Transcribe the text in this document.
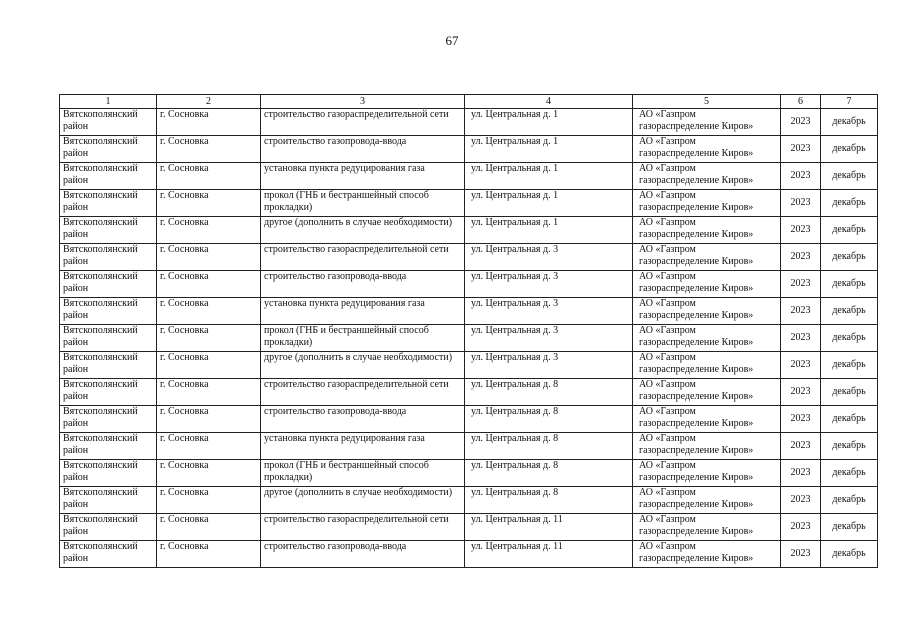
67
1	2	3	4	5	6	7
Вятскополянский район	г. Сосновка	строительство газораспределительной сети	ул. Центральная д. 1	АО «Газпром газораспределение Киров»	2023	декабрь
Вятскополянский район	г. Сосновка	строительство газопровода-ввода	ул. Центральная д. 1	АО «Газпром газораспределение Киров»	2023	декабрь
Вятскополянский район	г. Сосновка	установка пункта редуцирования газа	ул. Центральная д. 1	АО «Газпром газораспределение Киров»	2023	декабрь
Вятскополянский район	г. Сосновка	прокол (ГНБ и бестраншейный способ прокладки)	ул. Центральная д. 1	АО «Газпром газораспределение Киров»	2023	декабрь
Вятскополянский район	г. Сосновка	другое (дополнить в случае необходимости)	ул. Центральная д. 1	АО «Газпром газораспределение Киров»	2023	декабрь
Вятскополянский район	г. Сосновка	строительство газораспределительной сети	ул. Центральная д. 3	АО «Газпром газораспределение Киров»	2023	декабрь
Вятскополянский район	г. Сосновка	строительство газопровода-ввода	ул. Центральная д. 3	АО «Газпром газораспределение Киров»	2023	декабрь
Вятскополянский район	г. Сосновка	установка пункта редуцирования газа	ул. Центральная д. 3	АО «Газпром газораспределение Киров»	2023	декабрь
Вятскополянский район	г. Сосновка	прокол (ГНБ и бестраншейный способ прокладки)	ул. Центральная д. 3	АО «Газпром газораспределение Киров»	2023	декабрь
Вятскополянский район	г. Сосновка	другое (дополнить в случае необходимости)	ул. Центральная д. 3	АО «Газпром газораспределение Киров»	2023	декабрь
Вятскополянский район	г. Сосновка	строительство газораспределительной сети	ул. Центральная д. 8	АО «Газпром газораспределение Киров»	2023	декабрь
Вятскополянский район	г. Сосновка	строительство газопровода-ввода	ул. Центральная д. 8	АО «Газпром газораспределение Киров»	2023	декабрь
Вятскополянский район	г. Сосновка	установка пункта редуцирования газа	ул. Центральная д. 8	АО «Газпром газораспределение Киров»	2023	декабрь
Вятскополянский район	г. Сосновка	прокол (ГНБ и бестраншейный способ прокладки)	ул. Центральная д. 8	АО «Газпром газораспределение Киров»	2023	декабрь
Вятскополянский район	г. Сосновка	другое (дополнить в случае необходимости)	ул. Центральная д. 8	АО «Газпром газораспределение Киров»	2023	декабрь
Вятскополянский район	г. Сосновка	строительство газораспределительной сети	ул. Центральная д. 11	АО «Газпром газораспределение Киров»	2023	декабрь
Вятскополянский район	г. Сосновка	строительство газопровода-ввода	ул. Центральная д. 11	АО «Газпром газораспределение Киров»	2023	декабрь
